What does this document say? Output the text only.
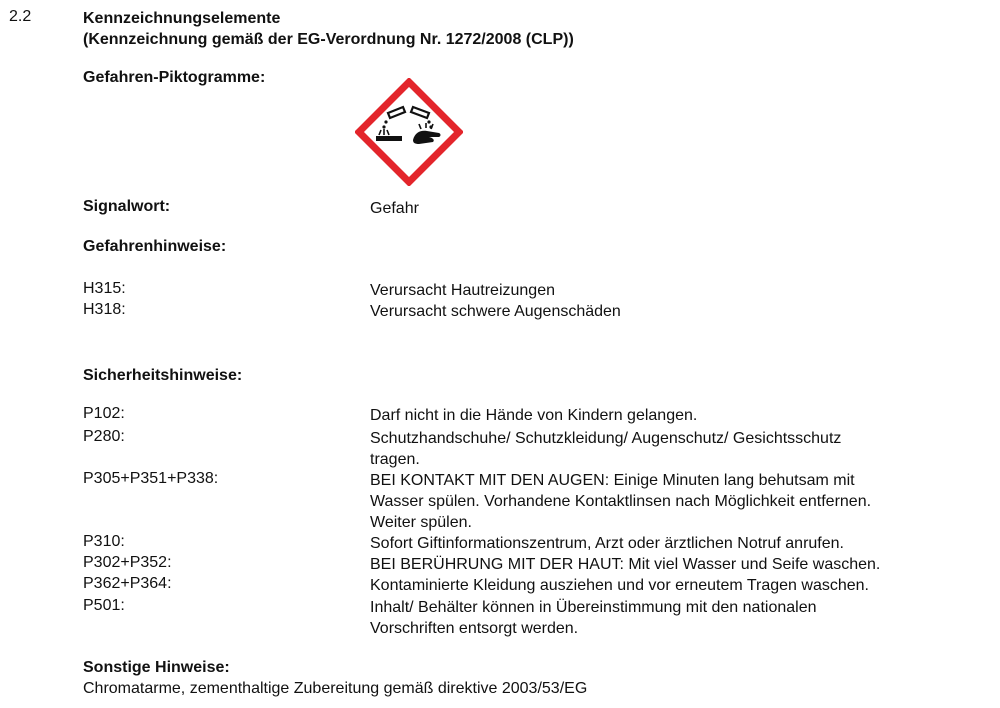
2.2	Kennzeichnungselemente
(Kennzeichnung gemäß der EG-Verordnung Nr. 1272/2008 (CLP))
Gefahren-Piktogramme:
Signalwort:	Gefahr
Gefahrenhinweise:
H315:	Verursacht Hautreizungen
H318:	Verursacht schwere Augenschäden
Sicherheitshinweise:
P102:	Darf nicht in die Hände von Kindern gelangen.
P280:	Schutzhandschuhe/ Schutzkleidung/ Augenschutz/ Gesichtsschutz
tragen.
P305+P351+P338:	BEI KONTAKT MIT DEN AUGEN: Einige Minuten lang behutsam mit
Wasser spülen. Vorhandene Kontaktlinsen nach Möglichkeit entfernen.
Weiter spülen.
P310:	Sofort Giftinformationszentrum, Arzt oder ärztlichen Notruf anrufen.
P302+P352:	BEI BERÜHRUNG MIT DER HAUT: Mit viel Wasser und Seife waschen.
P362+P364:	Kontaminierte Kleidung ausziehen und vor erneutem Tragen waschen.
P501:	Inhalt/ Behälter können in Übereinstimmung mit den nationalen
Vorschriften entsorgt werden.
Sonstige Hinweise:
Chromatarme, zementhaltige Zubereitung gemäß direktive 2003/53/EG
